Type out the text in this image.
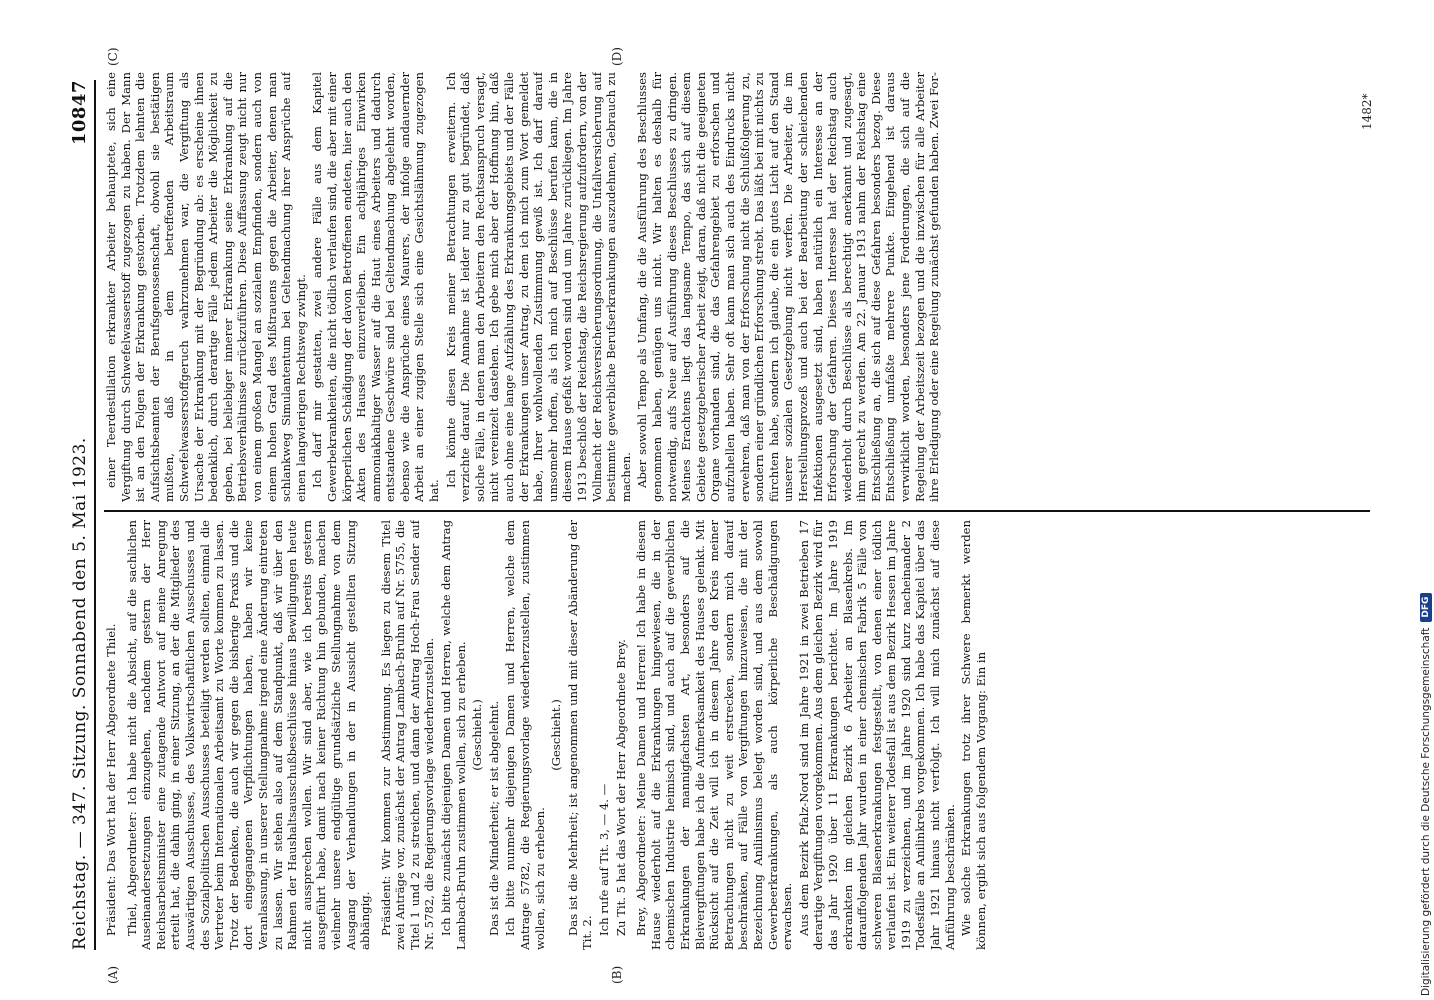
Reichstag. — 347. Sitzung. Sonnabend den 5. Mai 1923.
10847
(A)	(B)
(C)	(D)

Präsident: Das Wort hat der Herr Abgeordnete Thiel. Thiel, Abgeordneter: Ich habe nicht die Absicht, auf die sachlichen Auseinandersetzungen einzugehen, nachdem gestern der Herr Reichsarbeitsminister eine zutagende Antwort auf meine Anregung erteilt hat, die dahin ging, in einer Sitzung, an der die Mitglieder des Auswärtigen Ausschusses, des Volkswirtschaftlichen Ausschusses und des Sozialpolitischen Ausschusses beteiligt werden sollten, einmal die Vertreter beim Internationalen Arbeitsamt zu Worte kommen zu lassen. Trotz der Bedenken, die auch wir gegen die bisherige Praxis und die dort eingegangenen Verpflichtungen haben, haben wir keine Veranlassung, in unserer Stellungnahme irgend eine Änderung eintreten zu lassen. Wir stehen also auf dem Standpunkt, daß wir über den Rahmen der Haushaltsausschußbeschlüsse hinaus Bewilligungen heute nicht aussprechen wollen. Wir sind aber, wie ich bereits gestern ausgeführt habe, damit nach keiner Richtung hin gebunden, machen vielmehr unsere endgültige grundsätzliche Stellungnahme von dem Ausgang der Verhandlungen in der in Aussicht gestellten Sitzung abhängig. Präsident: Wir kommen zur Abstimmung. Es liegen zu diesem Titel zwei Anträge vor, zunächst der Antrag Lambach-Bruhn auf Nr. 5755, die Titel 1 und 2 zu streichen, und dann der Antrag Hoch-Frau Sender auf Nr. 5782, die Regierungsvorlage wiederherzustellen. Ich bitte zunächst diejenigen Damen und Herren, welche dem Antrag Lambach-Bruhn zustimmen wollen, sich zu erheben. (Geschieht.) Das ist die Minderheit; er ist abgelehnt. Ich bitte nunmehr diejenigen Damen und Herren, welche dem Antrage 5782, die Regierungsvorlage wiederherzustellen, zustimmen wollen, sich zu erheben.

(Geschieht.) Das ist die Mehrheit; ist angenommen und mit dieser Abänderung der Tit. 2. Ich rufe auf Tit. 3, — 4. — Zu Tit. 5 hat das Wort der Herr Abgeordnete Brey. Brey, Abgeordneter: Meine Damen und Herren! Ich habe in diesem Hause wiederholt auf die Erkrankungen hingewiesen, die in der chemischen Industrie heimisch sind, und auch auf die gewerblichen Erkrankungen der mannigfachsten Art, besonders auf die Bleivergiftungen habe ich die Aufmerksamkeit des Hauses gelenkt. Mit Rücksicht auf die Zeit will ich in diesem Jahre den Kreis meiner Betrachtungen nicht zu weit erstrecken, sondern mich darauf beschränken, auf Fälle von Vergiftungen hinzuweisen, die mit der Bezeichnung Anilinismus belegt worden sind, und aus dem sowohl Gewerbeerkrankungen, als auch körperliche Beschädigungen erwachsen. Aus dem Bezirk Pfalz-Nord sind im Jahre 1921 in zwei Betrieben 17 derartige Vergiftungen vorgekommen. Aus dem gleichen Bezirk wird für das Jahr 1920 über 11 Erkrankungen berichtet. Im Jahre 1919 erkrankten im gleichen Bezirk 6 Arbeiter an Blasenkrebs. Im darauffolgenden Jahr wurden in einer chemischen Fabrik 5 Fälle von schweren Blasenerkrankungen festgestellt, von denen einer tödlich verlaufen ist. Ein weiterer Todesfall ist aus dem Bezirk Hessen im Jahre 1919 zu verzeichnen, und im Jahre 1920 sind kurz nacheinander 2 Todesfälle an Anilinkrebs vorgekommen. Ich habe das Kapitel über das Jahr 1921 hinaus nicht verfolgt. Ich will mich zunächst auf diese Anführung beschränken. Wie solche Erkrankungen trotz ihrer Schwere bemerkt werden können, ergibt sich aus folgendem Vorgang: Ein in

einer Teerdestillation erkrankter Arbeiter behauptete, sich eine Vergiftung durch Schwefelwasserstoff zugezogen zu haben. Der Mann ist an den Folgen der Erkrankung gestorben. Trotzdem lehnten die Aufsichtsbeamten der Berufsgenossenschaft, obwohl sie bestätigen mußten, daß in dem betreffenden Arbeitsraum Schwefelwasserstoffgeruch wahrzunehmen war, die Vergiftung als Ursache der Erkrankung mit der Begründung ab: es erscheine ihnen bedenklich, durch derartige Fälle jedem Arbeiter die Möglichkeit zu geben, bei beliebiger innerer Erkrankung seine Erkrankung auf die Betriebsverhältnisse zurückzuführen. Diese Auffassung zeugt nicht nur von einem großen Mangel an sozialem Empfinden, sondern auch von einem hohen Grad des Mißtrauens gegen die Arbeiter, denen man schlankweg Simulantentum bei Geltendmachung ihrer Ansprüche auf einen langwierigen Rechtsweg zwingt. Ich darf mir gestatten, zwei andere Fälle aus dem Kapitel Gewerbekrankheiten, die nicht tödlich verlaufen sind, die aber mit einer körperlichen Schädigung der davon Betroffenen endeten, hier auch den Akten des Hauses einzuverleiben. Ein achtjähriges Einwirken ammoniakhaltiger Wasser auf die Haut eines Arbeiters und dadurch entstandene Geschwüre sind bei Geltendmachung abgelehnt worden, ebenso wie die Ansprüche eines Maurers, der infolge andauernder Arbeit an einer zugigen Stelle sich eine Gesichtslähmung zugezogen hat.

Ich könnte diesen Kreis meiner Betrachtungen erweitern. Ich verzichte darauf. Die Annahme ist leider nur zu gut begründet, daß solche Fälle, in denen man den Arbeitern den Rechtsanspruch versagt, nicht vereinzelt dastehen. Ich gebe mich aber der Hoffnung hin, daß auch ohne eine lange Aufzählung des Erkrankungsgebiets und der Fälle der Erkrankungen unser Antrag, zu dem ich mich zum Wort gemeldet habe, Ihrer wohlwollenden Zustimmung gewiß ist. Ich darf darauf umsomehr hoffen, als ich mich auf Beschlüsse berufen kann, die in diesem Hause gefaßt worden sind und um Jahre zurückliegen. Im Jahre 1913 beschloß der Reichstag, die Reichsregierung aufzufordern, von der Vollmacht der Reichsversicherungsordnung, die Unfallversicherung auf bestimmte gewerbliche Berufserkrankungen auszudehnen, Gebrauch zu machen. Aber sowohl Tempo als Umfang, die die Ausführung des Beschlusses genommen haben, genügen uns nicht. Wir halten es deshalb für notwendig, aufs Neue auf Ausführung dieses Beschlusses zu dringen. Meines Erachtens liegt das langsame Tempo, das sich auf diesem Gebiete gesetzgeberischer Arbeit zeigt, daran, daß nicht die geeigneten Organe vorhanden sind, die das Gefahrengebiet zu erforschen und aufzuhellen haben. Sehr oft kann man sich auch des Eindrucks nicht erwehren, daß man von der Erforschung nicht die Schlußfolgerung zu, sondern einer gründlichen Erforschung strebt. Das läßt bei mit nichts zu fürchten habe, sondern ich glaube, die ein gutes Licht auf den Stand unserer sozialen Gesetzgebung nicht werfen. Die Arbeiter, die im Herstellungsprozeß und auch bei der Bearbeitung der schleichenden Infektionen ausgesetzt sind, haben natürlich ein Interesse an der Erforschung der Gefahren. Dieses Interesse hat der Reichstag auch wiederholt durch Beschlüsse als berechtigt anerkannt und zugesagt, ihm gerecht zu werden. Am 22. Januar 1913 nahm der Reichstag eine Entschließung an, die sich auf diese Gefahren besonders bezog. Diese Entschließung umfaßte mehrere Punkte. Eingehend ist daraus verwirklicht worden, besonders jene Forderungen, die sich auf die Regelung der Arbeitszeit bezogen und die inzwischen für alle Arbeiter ihre Erledigung oder eine Regelung zunächst gefunden haben. Zwei For-	1482*
Digitalisierung gefördert durch die Deutsche Forschungsgemeinschaft
DFG
